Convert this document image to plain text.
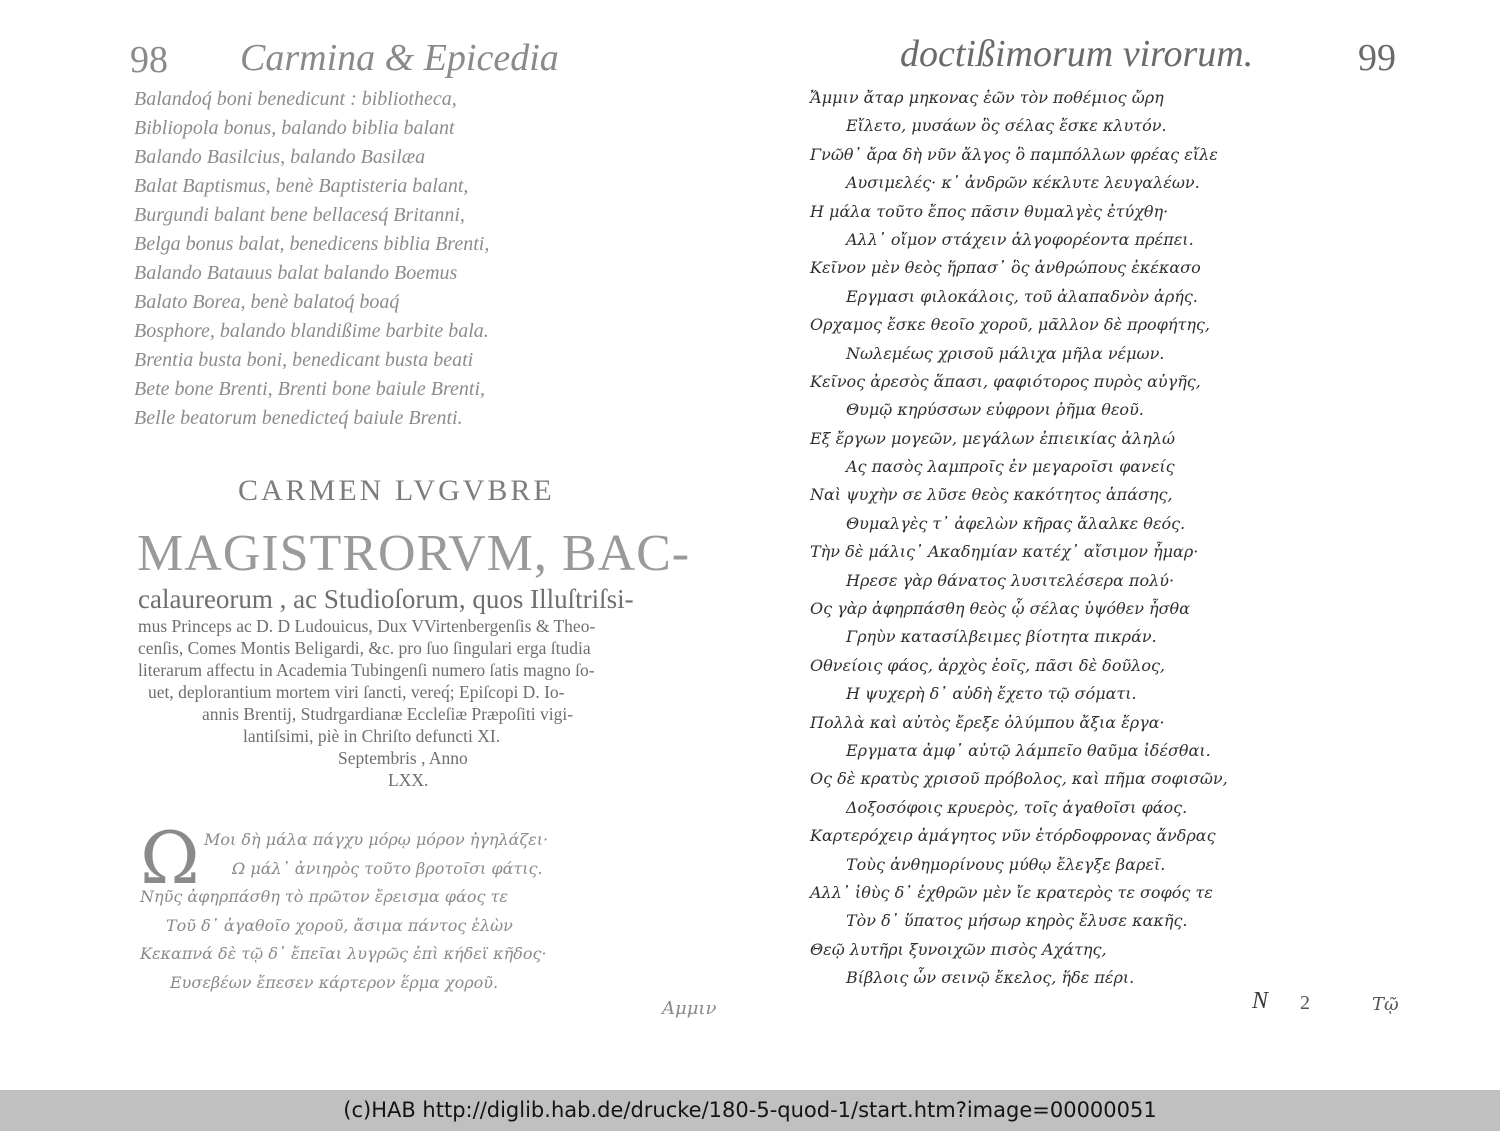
98 Carmina & Epicedia
Balandoq́ boni benedicunt : bibliotheca,
Bibliopola bonus, balando biblia balant
Balando Basilcius, balando Basilæa
Balat Baptismus, benè Baptisteria balant,
Burgundi balant bene bellacesq́ Britanni,
Belga bonus balat, benedicens biblia Brenti,
Balando Batauus balat balando Boemus
Balato Borea, benè balatoq́ boaq́
Bosphore, balando blandißime barbite bala.
Brentia busta boni, benedicant busta beati
Bete bone Brenti, Brenti bone baiule Brenti,
Belle beatorum benedicteq́ baiule Brenti.
CARMEN LVGVBRE
MAGISTRORVM, BAC-
calaureorum , ac Studioſorum, quos Illuſtriſsi-
mus Princeps ac D. D Ludouicus, Dux VVirtenbergenſis & Theo-
cenſis, Comes Montis Beligardi, &c. pro ſuo ſingulari erga ſtudia
literarum affectu in Academia Tubingenſi numero ſatis magno ſo-
uet, deplorantium mortem viri ſancti, vereq́; Epiſcopi D. Io-
annis Brentij, Studrgardianæ Eccleſiæ Præpoſiti vigi-
lantiſsimi, piè in Chriſto defuncti XI.
Septembris , Anno
LXX.
Ω Μοι δὴ μάλα πάγχυ μόρῳ μόρον ἠγηλάζει·
Ω μάλ᾽ ἀνιηρὸς τοῦτο βροτοῖσι φάτις.
Νηῦς ἀφηρπάσθη τὸ πρῶτον ἔρεισμα φάος τε
Τοῦ δ᾽ ἀγαθοῖο χοροῦ, ἄσιμα πάντος ἑλὼν
Κεκαπνά δὲ τῷ δ᾽ ἔπεῖαι λυγρῶς ἐπὶ κήδεϊ κῆδος·
Ευσεβέων ἔπεσεν κάρτερον ἕρμα χοροῦ.
Αμμιν
doctißimorum virorum.	99
Ἄμμιν ἄταρ μηκονας ἑῶν τὸν ποθέμιος ὤρη
Εἴλετο, μυσάων ὃς σέλας ἔσκε κλυτόν.
Γνῶθ᾽ ἄρα δὴ νῦν ἄλγος ὃ παμπόλλων φρέας εἴλε
Αυσιμελές· κ᾽ ἀνδρῶν κέκλυτε λευγαλέων.
Η μάλα τοῦτο ἔπος πᾶσιν θυμαλγὲς ἐτύχθη·
Αλλ᾽ οἴμον στάχειν ἀλγοφορέοντα πρέπει.
Κεῖνον μὲν θεὸς ἥρπασ᾽ ὃς ἀνθρώπους ἐκέκασο
Εργμασι φιλοκάλοις, τοῦ ἀλαπαδνὸν ἀρής.
Ορχαμος ἔσκε θεοῖο χοροῦ, μᾶλλον δὲ προφήτης,
Νωλεμέως χρισοῦ μάλιχα μῆλα νέμων.
Κεῖνος ἀρεσὸς ἅπασι, φαφιότορος πυρὸς αὐγῆς,
Θυμῷ κηρύσσων εὐφρονι ῥῆμα θεοῦ.
Εξ ἔργων μογεῶν, μεγάλων ἐπιεικίας ἀληλώ
Ας πασὸς λαμπροῖς ἐν μεγαροῖσι φανείς
Ναὶ ψυχὴν σε λῦσε θεὸς κακότητος ἁπάσης,
Θυμαλγὲς τ᾽ ἀφελὼν κῆρας ἄλαλκε θεός.
Τὴν δὲ μάλις᾽ Ακαδημίαν κατέχ᾽ αἴσιμον ἦμαρ·
Ηρεσε γὰρ θάνατος λυσιτελέσερα πολύ·
Ος γὰρ ἀφηρπάσθη θεὸς ᾧ σέλας ὑψόθεν ἦσθα
Γρηὺν κατασίλβειμες βίοτητα πικράν.
Οθνείοις φάος, ἀρχὸς ἑοῖς, πᾶσι δὲ δοῦλος,
Η ψυχερὴ δ᾽ αὐδὴ ἔχετο τῷ σόματι.
Πολλὰ καὶ αὐτὸς ἔρεξε ὀλύμπου ἄξια ἔργα·
Εργματα ἀμφ᾽ αὐτῷ λάμπεῖο θαῦμα ἰδέσθαι.
Ος δὲ κρατὺς χρισοῦ πρόβολος, καὶ πῆμα σοφισῶν,
Δοξοσόφοις κρυερὸς, τοῖς ἀγαθοῖσι φάος.
Καρτερόχειρ ἀμάγητος νῦν ἐτόρδοφρονας ἄνδρας
Τοὺς ἀνθημορίνους μύθῳ ἔλεγξε βαρεῖ.
Αλλ᾽ ἰθὺς δ᾽ ἐχθρῶν μὲν ἴε κρατερὸς τε σοφός τε
Τὸν δ᾽ ὕπατος μήσωρ κηρὸς ἔλυσε κακῆς.
Θεῷ λυτῆρι ξυνοιχῶν πισὸς Αχάτης,
Βίβλοις ὧν σεινῷ ἔκελος, ἥδε πέρι.
N 2	Τῷ
(c)HAB http://diglib.hab.de/drucke/180-5-quod-1/start.htm?image=00000051
